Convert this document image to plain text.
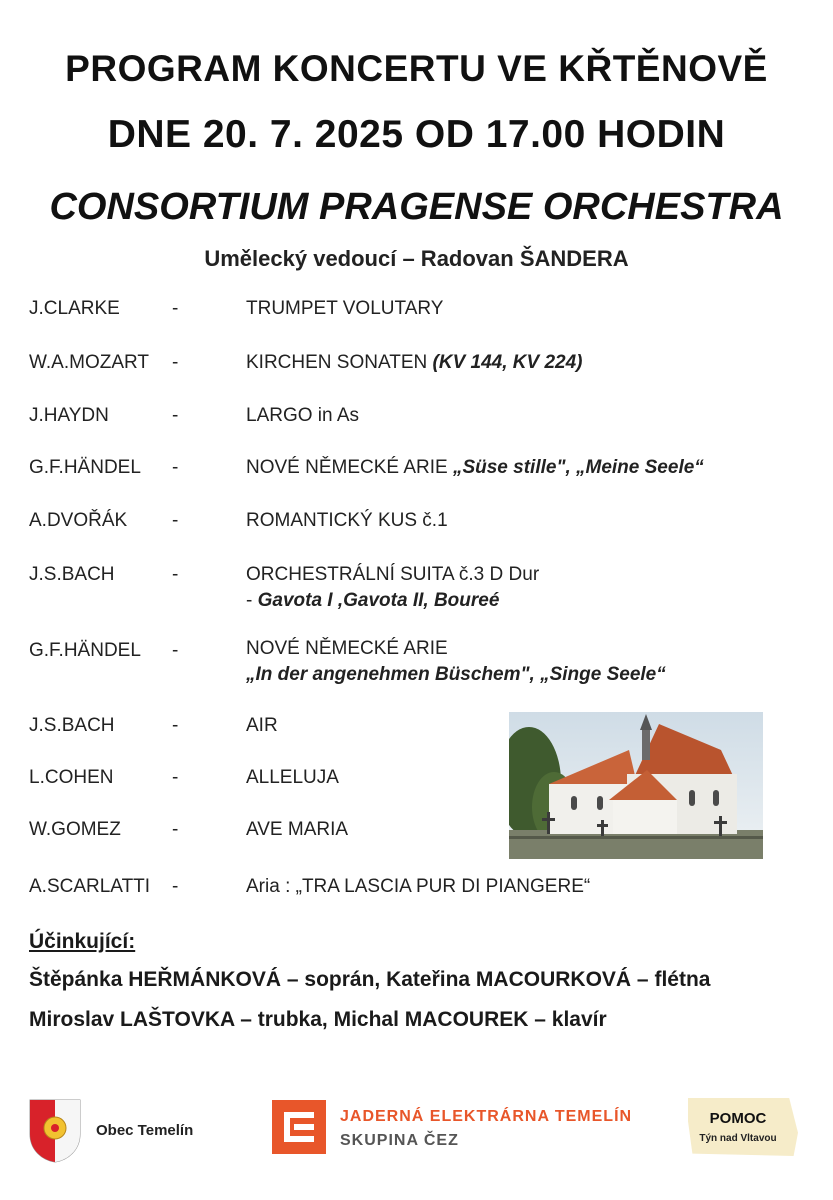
PROGRAM KONCERTU VE KŘTĚNOVĚ
DNE 20. 7. 2025 OD 17.00 HODIN
CONSORTIUM PRAGENSE ORCHESTRA
Umělecký vedoucí – Radovan ŠANDERA
J.CLARKE	-	TRUMPET VOLUTARY
W.A.MOZART -	KIRCHEN SONATEN (KV 144, KV 224)
J.HAYDN	-	LARGO in As
G.F.HÄNDEL -	NOVÉ NĚMECKÉ ARIE „Süse stille", „Meine Seele“
A.DVOŘÁK -	ROMANTICKÝ KUS č.1
J.S.BACH	-	ORCHESTRÁLNÍ SUITA č.3 D Dur
- Gavota I ,Gavota II, Boureé
G.F.HÄNDEL -	NOVÉ NĚMECKÉ ARIE
„In der angenehmen Büschem", „Singe Seele“
J.S.BACH	-	AIR
L.COHEN	-	ALLELUJA
W.GOMEZ	-	AVE MARIA
A.SCARLATTI -	Aria : „TRA LASCIA PUR DI PIANGERE“
Účinkující:
Štěpánka HEŘMÁNKOVÁ – soprán, Kateřina MACOURKOVÁ – flétna
Miroslav LAŠTOVKA – trubka, Michal MACOUREK – klavír
Obec Temelín
JADERNÁ ELEKTRÁRNA TEMELÍN
SKUPINA ČEZ
POMOC
Týn nad Vltavou
